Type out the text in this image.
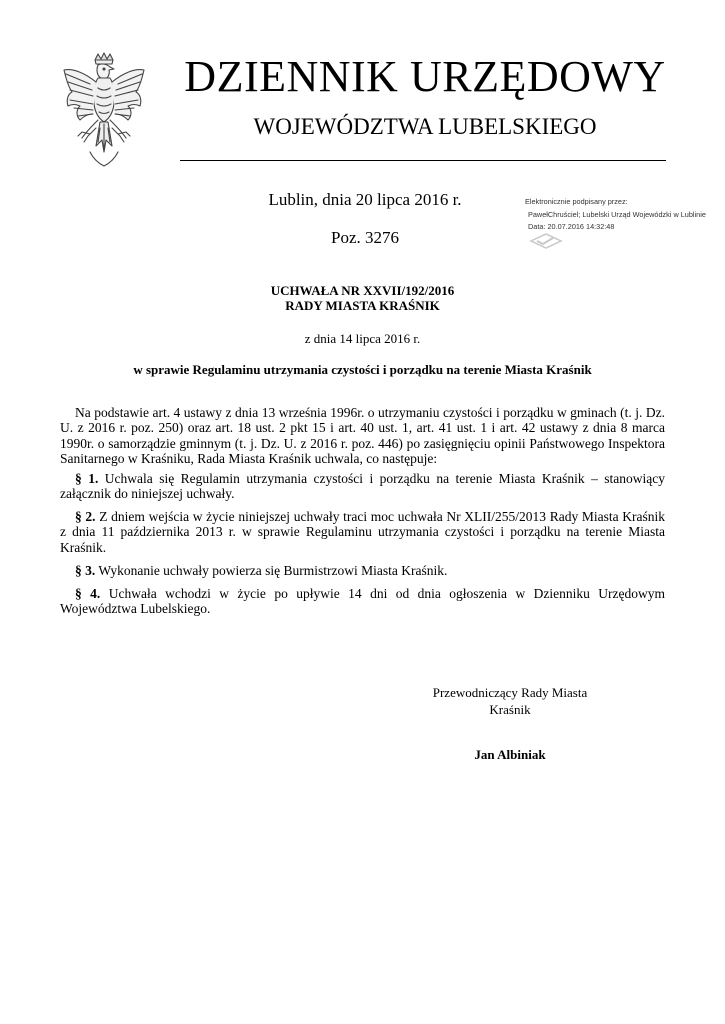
DZIENNIK URZĘDOWY
WOJEWÓDZTWA LUBELSKIEGO
Lublin, dnia 20 lipca 2016 r.
Poz. 3276
Elektronicznie podpisany przez:
PawełChruściel; Lubelski Urząd Wojewódzki w Lublinie
Data: 20.07.2016 14:32:48
UCHWAŁA NR XXVII/192/2016
RADY MIASTA KRAŚNIK
z dnia 14 lipca 2016 r.
w sprawie Regulaminu utrzymania czystości i porządku na terenie Miasta Kraśnik

Na podstawie art. 4 ustawy z dnia 13 września 1996r. o utrzymaniu czystości i porządku w gminach (t. j. Dz. U. z 2016 r. poz. 250) oraz art. 18 ust. 2 pkt 15 i art. 40 ust. 1, art. 41 ust. 1 i art. 42 ustawy z dnia 8 marca 1990r. o samorządzie gminnym (t. j. Dz. U. z 2016 r. poz. 446) po zasięgnięciu opinii Państwowego Inspektora Sanitarnego w Kraśniku, Rada Miasta Kraśnik uchwala, co następuje:

§ 1. Uchwala się Regulamin utrzymania czystości i porządku na terenie Miasta Kraśnik – stanowiący załącznik do niniejszej uchwały.

§ 2. Z dniem wejścia w życie niniejszej uchwały traci moc uchwała Nr XLII/255/2013 Rady Miasta Kraśnik z dnia 11 października 2013 r. w sprawie Regulaminu utrzymania czystości i porządku na terenie Miasta Kraśnik.

§ 3. Wykonanie uchwały powierza się Burmistrzowi Miasta Kraśnik.

§ 4. Uchwała wchodzi w życie po upływie 14 dni od dnia ogłoszenia w Dzienniku Urzędowym Województwa Lubelskiego.

Przewodniczący Rady Miasta
Kraśnik
Jan Albiniak
